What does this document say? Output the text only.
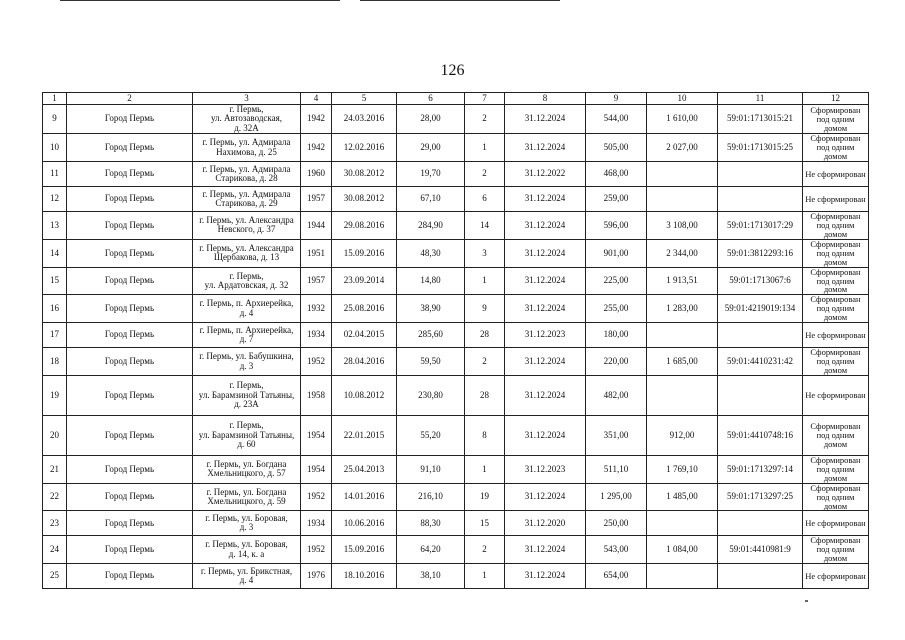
126
1	2	3	4	5	6	7	8	9	10	11	12
9	Город Пермь	г. Пермь,
ул. Автозаводская,
д. 32А	1942	24.03.2016	28,00	2	31.12.2024	544,00	1 610,00	59:01:1713015:21	Сформирован
под одним домом
10	Город Пермь	г. Пермь, ул. Адмирала
Нахимова, д. 25	1942	12.02.2016	29,00	1	31.12.2024	505,00	2 027,00	59:01:1713015:25	Сформирован
под одним домом
11	Город Пермь	г. Пермь, ул. Адмирала
Старикова, д. 28	1960	30.08.2012	19,70	2	31.12.2022	468,00			Не сформирован
12	Город Пермь	г. Пермь, ул. Адмирала
Старикова, д. 29	1957	30.08.2012	67,10	6	31.12.2024	259,00			Не сформирован
13	Город Пермь	г. Пермь, ул. Александра
Невского, д. 37	1944	29.08.2016	284,90	14	31.12.2024	596,00	3 108,00	59:01:1713017:29	Сформирован
под одним домом
14	Город Пермь	г. Пермь, ул. Александра
Щербакова, д. 13	1951	15.09.2016	48,30	3	31.12.2024	901,00	2 344,00	59:01:3812293:16	Сформирован
под одним домом
15	Город Пермь	г. Пермь,
ул. Ардатовская, д. 32	1957	23.09.2014	14,80	1	31.12.2024	225,00	1 913,51	59:01:1713067:6	Сформирован
под одним домом
16	Город Пермь	г. Пермь, п. Архиерейка,
д. 4	1932	25.08.2016	38,90	9	31.12.2024	255,00	1 283,00	59:01:4219019:134	Сформирован
под одним домом
17	Город Пермь	г. Пермь, п. Архиерейка,
д. 7	1934	02.04.2015	285,60	28	31.12.2023	180,00			Не сформирован
18	Город Пермь	г. Пермь, ул. Бабушкина,
д. 3	1952	28.04.2016	59,50	2	31.12.2024	220,00	1 685,00	59:01:4410231:42	Сформирован
под одним домом
19	Город Пермь	г. Пермь,
ул. Барамзиной Татьяны,
д. 23А	1958	10.08.2012	230,80	28	31.12.2024	482,00			Не сформирован
20	Город Пермь	г. Пермь,
ул. Барамзиной Татьяны,
д. 60	1954	22.01.2015	55,20	8	31.12.2024	351,00	912,00	59:01:4410748:16	Сформирован
под одним домом
21	Город Пермь	г. Пермь, ул. Богдана
Хмельницкого, д. 57	1954	25.04.2013	91,10	1	31.12.2023	511,10	1 769,10	59:01:1713297:14	Сформирован
под одним домом
22	Город Пермь	г. Пермь, ул. Богдана
Хмельницкого, д. 59	1952	14.01.2016	216,10	19	31.12.2024	1 295,00	1 485,00	59:01:1713297:25	Сформирован
под одним домом
23	Город Пермь	г. Пермь, ул. Боровая,
д. 3	1934	10.06.2016	88,30	15	31.12.2020	250,00			Не сформирован
24	Город Пермь	г. Пермь, ул. Боровая,
д. 14, к. а	1952	15.09.2016	64,20	2	31.12.2024	543,00	1 084,00	59:01:4410981:9	Сформирован
под одним домом
25	Город Пермь	г. Пермь, ул. Брикстная,
д. 4	1976	18.10.2016	38,10	1	31.12.2024	654,00			Не сформирован
